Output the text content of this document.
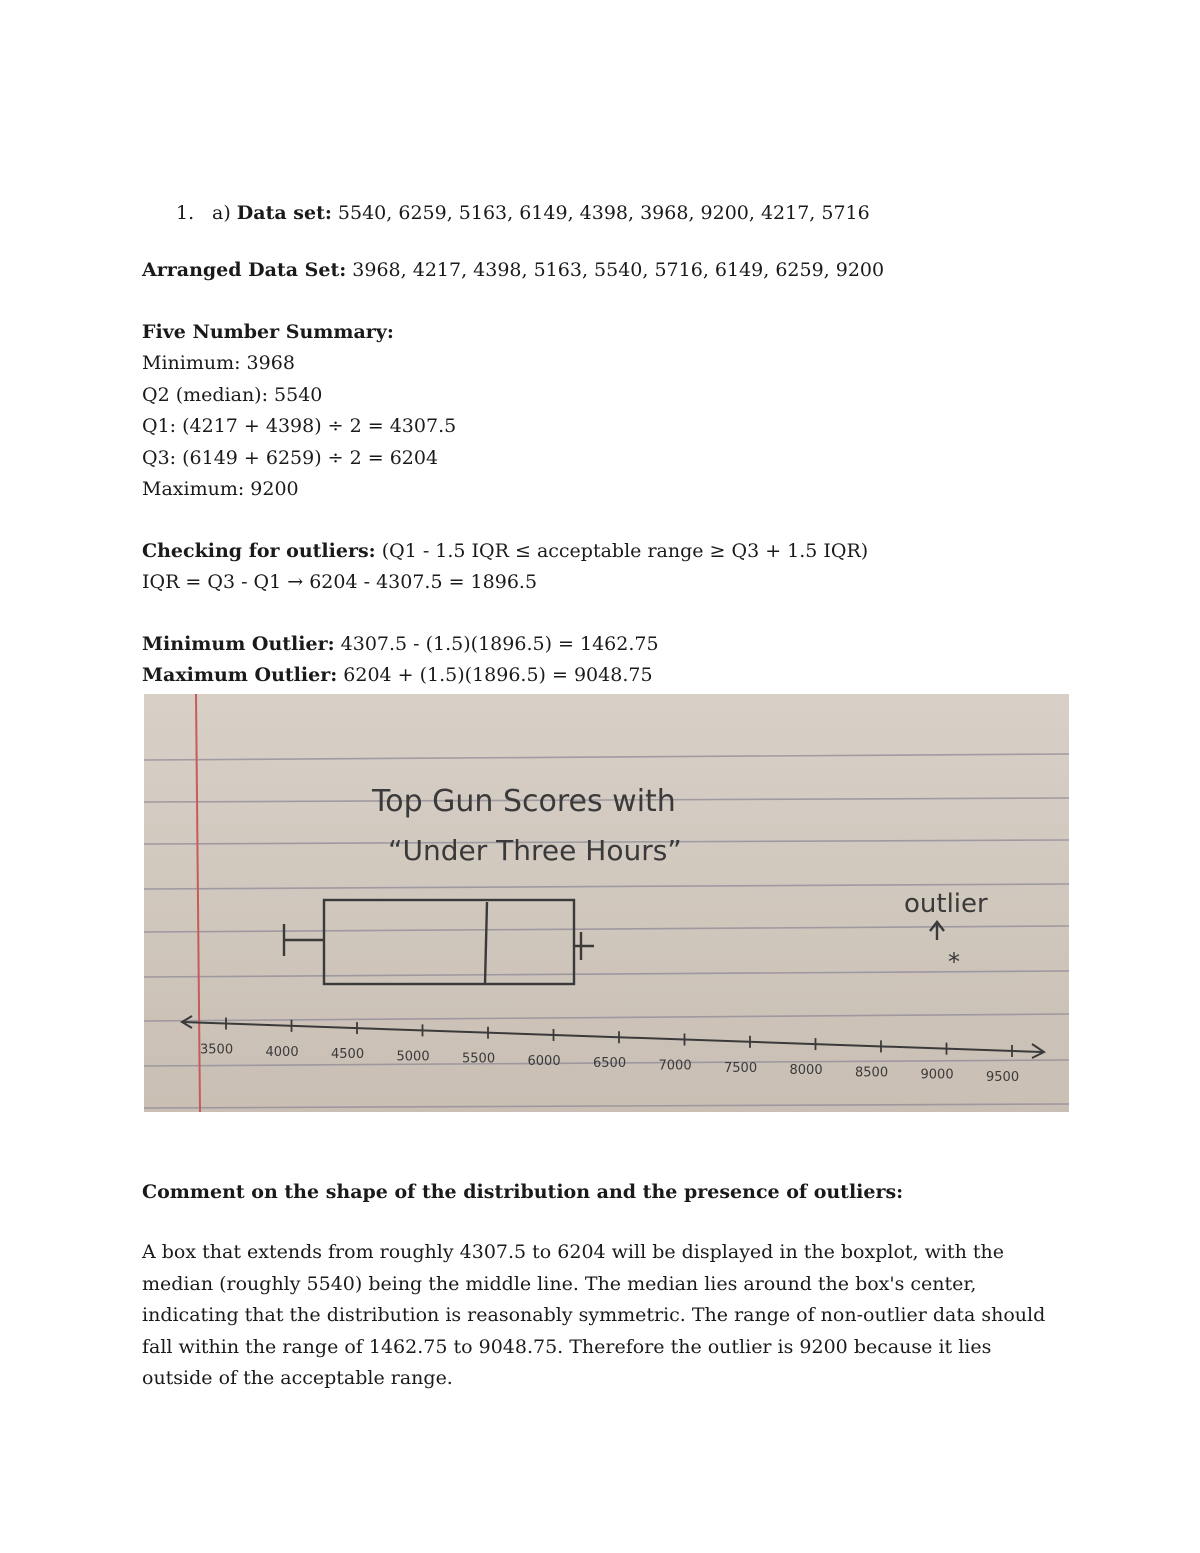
1. a) Data set: 5540, 6259, 5163, 6149, 4398, 3968, 9200, 4217, 5716
Arranged Data Set: 3968, 4217, 4398, 5163, 5540, 5716, 6149, 6259, 9200
Five Number Summary:
Minimum: 3968
Q2 (median): 5540
Q1: (4217 + 4398) ÷ 2 = 4307.5
Q3: (6149 + 6259) ÷ 2 = 6204
Maximum: 9200
Checking for outliers: (Q1 - 1.5 IQR ≤ acceptable range ≥ Q3 + 1.5 IQR)
IQR = Q3 - Q1 → 6204 - 4307.5 = 1896.5
Minimum Outlier: 4307.5 - (1.5)(1896.5) = 1462.75
Maximum Outlier: 6204 + (1.5)(1896.5) = 9048.75
Top Gun Scores with
“Under Three Hours”
outlier
*
3500 4000 4500 5000 5500 6000 6500 7000 7500 8000 8500 9000 9500
Comment on the shape of the distribution and the presence of outliers:
A box that extends from roughly 4307.5 to 6204 will be displayed in the boxplot, with the median (roughly 5540) being the middle line. The median lies around the box's center, indicating that the distribution is reasonably symmetric. The range of non-outlier data should fall within the range of 1462.75 to 9048.75. Therefore the outlier is 9200 because it lies outside of the acceptable range.
